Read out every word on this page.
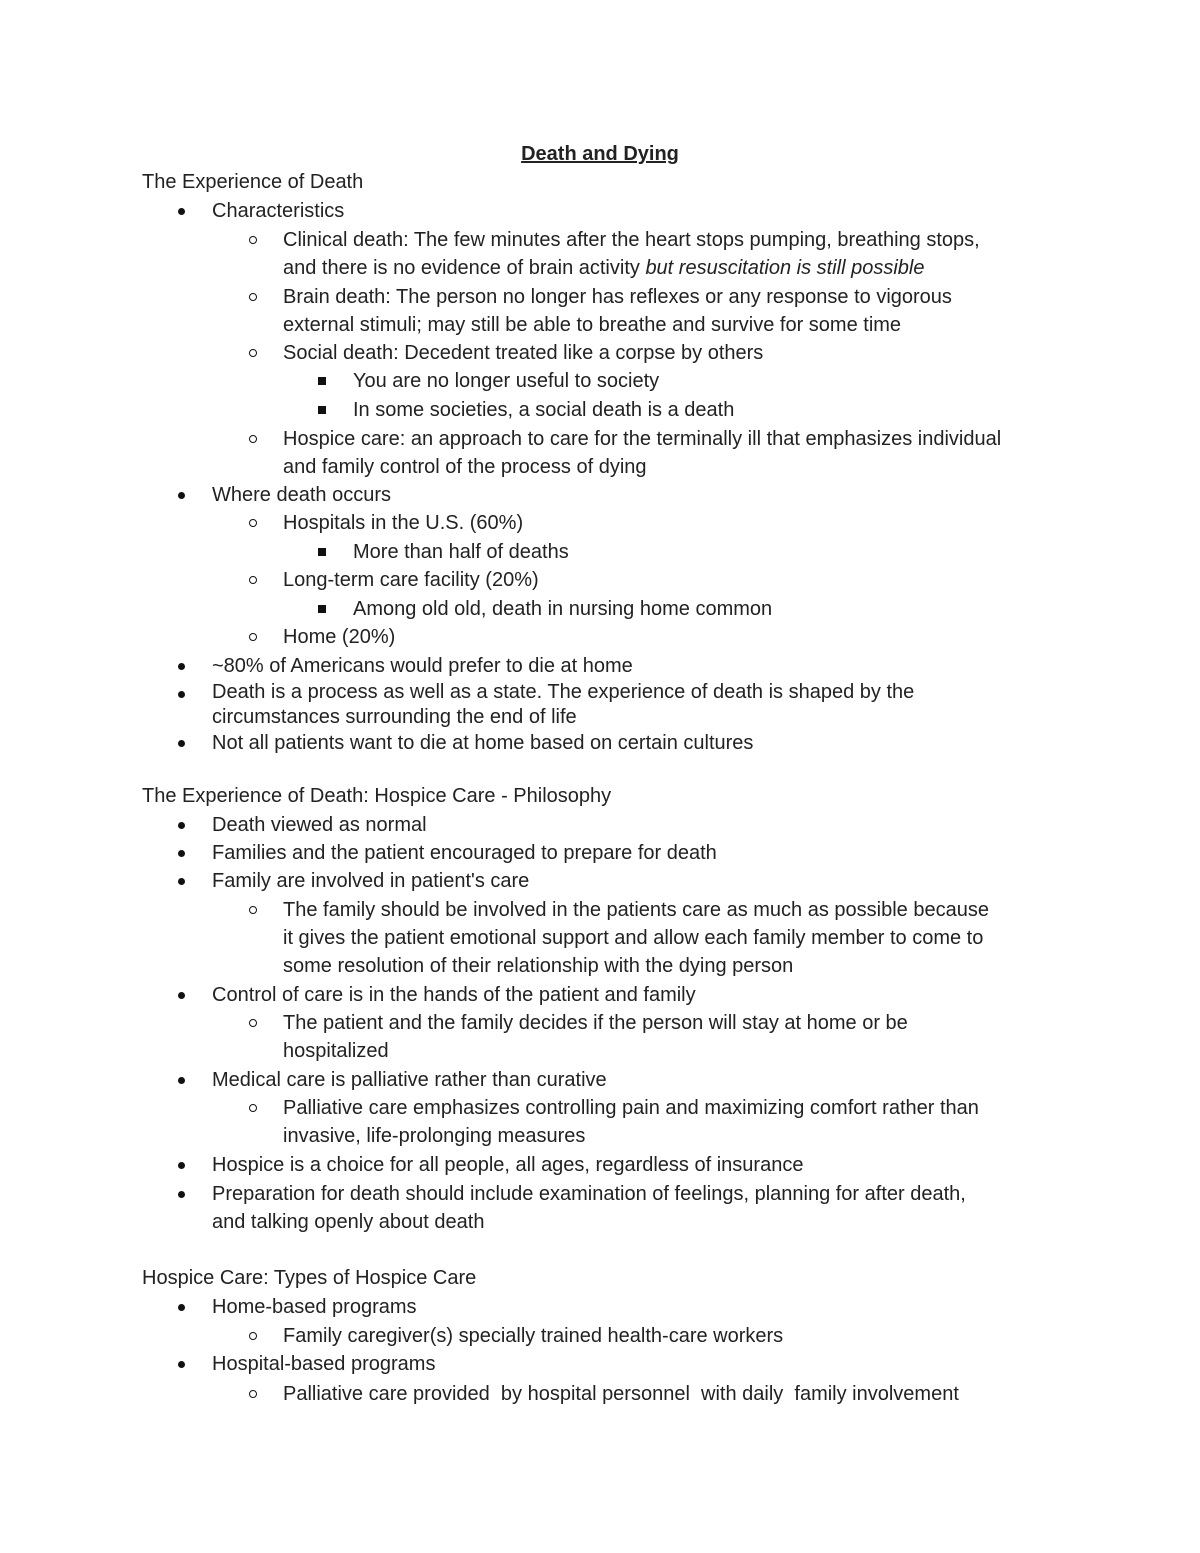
Death and Dying
The Experience of Death
Characteristics
Clinical death: The few minutes after the heart stops pumping, breathing stops,
and there is no evidence of brain activity but resuscitation is still possible
Brain death: The person no longer has reflexes or any response to vigorous
external stimuli; may still be able to breathe and survive for some time
Social death: Decedent treated like a corpse by others
You are no longer useful to society
In some societies, a social death is a death
Hospice care: an approach to care for the terminally ill that emphasizes individual
and family control of the process of dying
Where death occurs
Hospitals in the U.S. (60%)
More than half of deaths
Long-term care facility (20%)
Among old old, death in nursing home common
Home (20%)
~80% of Americans would prefer to die at home
Death is a process as well as a state. The experience of death is shaped by the
circumstances surrounding the end of life
Not all patients want to die at home based on certain cultures
The Experience of Death: Hospice Care - Philosophy
Death viewed as normal
Families and the patient encouraged to prepare for death
Family are involved in patient's care
The family should be involved in the patients care as much as possible because
it gives the patient emotional support and allow each family member to come to
some resolution of their relationship with the dying person
Control of care is in the hands of the patient and family
The patient and the family decides if the person will stay at home or be
hospitalized
Medical care is palliative rather than curative
Palliative care emphasizes controlling pain and maximizing comfort rather than
invasive, life-prolonging measures
Hospice is a choice for all people, all ages, regardless of insurance
Preparation for death should include examination of feelings, planning for after death,
and talking openly about death
Hospice Care: Types of Hospice Care
Home-based programs
Family caregiver(s) specially trained health-care workers
Hospital-based programs
Palliative care provided  by hospital personnel  with daily  family involvement
